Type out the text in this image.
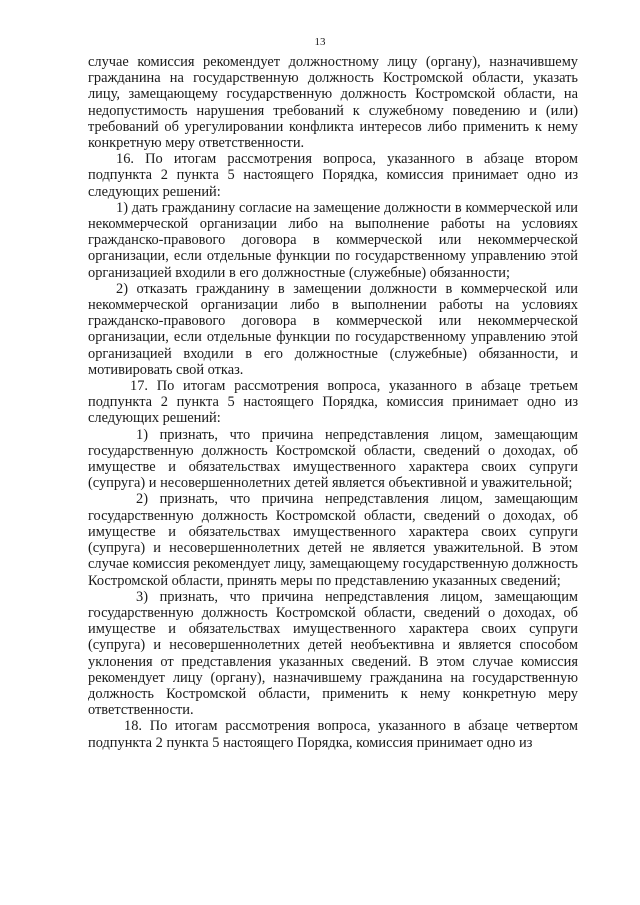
13

случае комиссия рекомендует должностному лицу (органу), назначившему гражданина на государственную должность Костромской области, указать лицу, замещающему государственную должность Костромской области, на недопустимость нарушения требований к служебному поведению и (или) требований об урегулировании конфликта интересов либо применить к нему конкретную меру ответственности.

16. По итогам рассмотрения вопроса, указанного в абзаце втором подпункта 2 пункта 5 настоящего Порядка, комиссия принимает одно из следующих решений:

1) дать гражданину согласие на замещение должности в коммерческой или некоммерческой организации либо на выполнение работы на условиях гражданско-правового договора в коммерческой или некоммерческой организации, если отдельные функции по государственному управлению этой организацией входили в его должностные (служебные) обязанности;

2) отказать гражданину в замещении должности в коммерческой или некоммерческой организации либо в выполнении работы на условиях гражданско-правового договора в коммерческой или некоммерческой организации, если отдельные функции по государственному управлению этой организацией входили в его должностные (служебные) обязанности, и мотивировать свой отказ.

17. По итогам рассмотрения вопроса, указанного в абзаце третьем подпункта 2 пункта 5 настоящего Порядка, комиссия принимает одно из следующих решений:

1) признать, что причина непредставления лицом, замещающим государственную должность Костромской области, сведений о доходах, об имуществе и обязательствах имущественного характера своих супруги (супруга) и несовершеннолетних детей является объективной и уважительной;

2) признать, что причина непредставления лицом, замещающим государственную должность Костромской области, сведений о доходах, об имуществе и обязательствах имущественного характера своих супруги (супруга) и несовершеннолетних детей не является уважительной. В этом случае комиссия рекомендует лицу, замещающему государственную должность Костромской области, принять меры по представлению указанных сведений;

3) признать, что причина непредставления лицом, замещающим государственную должность Костромской области, сведений о доходах, об имуществе и обязательствах имущественного характера своих супруги (супруга) и несовершеннолетних детей необъективна и является способом уклонения от представления указанных сведений. В этом случае комиссия рекомендует лицу (органу), назначившему гражданина на государственную должность Костромской области, применить к нему конкретную меру ответственности.

18. По итогам рассмотрения вопроса, указанного в абзаце четвертом подпункта 2 пункта 5 настоящего Порядка, комиссия принимает одно из
